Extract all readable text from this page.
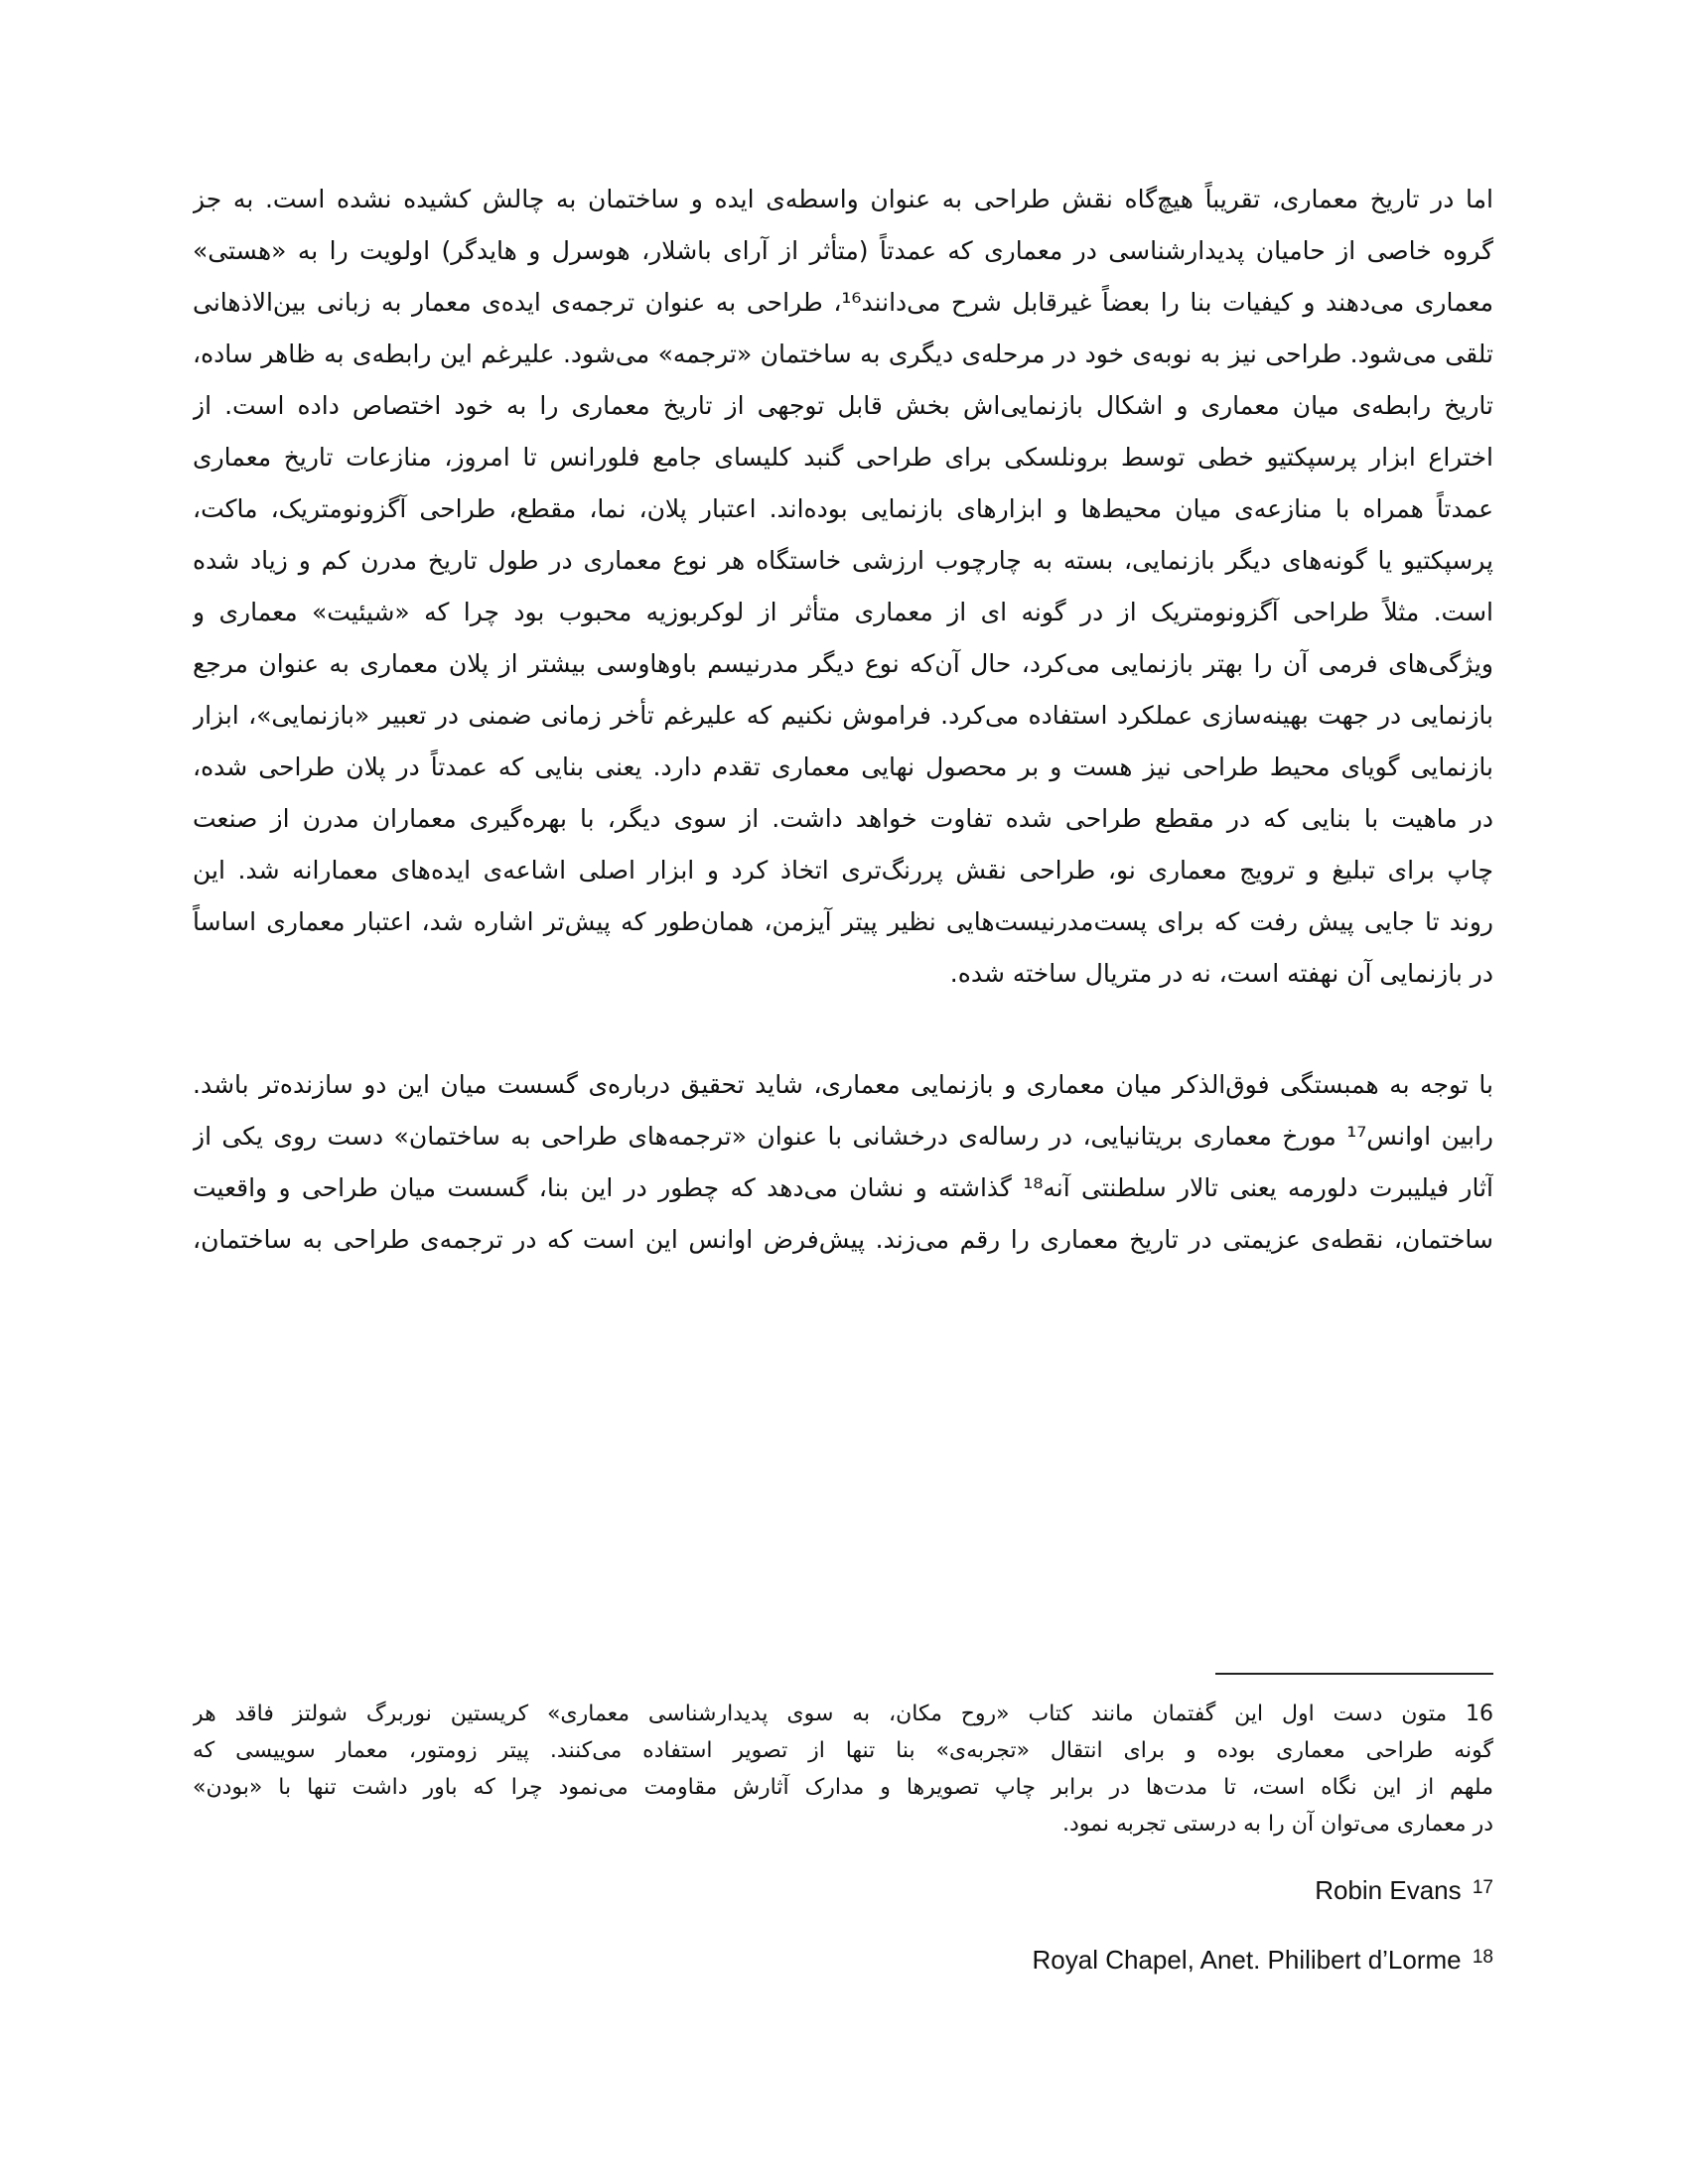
اما در تاریخ معماری، تقریباً هیچ‌گاه نقش طراحی به عنوان واسطه‌ی ایده و ساختمان به چالش کشیده نشده است. به جز
گروه خاصی از حامیان پدیدارشناسی در معماری که عمدتاً (متأثر از آرای باشلار، هوسرل و هایدگر) اولویت را به «هستی»
معماری می‌دهند و کیفیات بنا را بعضاً غیرقابل شرح می‌دانند¹⁶، طراحی به عنوان ترجمه‌ی ایده‌ی معمار به زبانی بین‌الاذهانی
تلقی می‌شود. طراحی نیز به نوبه‌ی خود در مرحله‌ی دیگری به ساختمان «ترجمه» می‌شود. علیرغم این رابطه‌ی به ظاهر ساده،
تاریخ رابطه‌ی میان معماری و اشکال بازنمایی‌اش بخش قابل توجهی از تاریخ معماری را به خود اختصاص داده است. از
اختراع ابزار پرسپکتیو خطی توسط برونلسکی برای طراحی گنبد کلیسای جامع فلورانس تا امروز، منازعات تاریخ معماری
عمدتاً همراه با منازعه‌ی میان محیط‌ها و ابزارهای بازنمایی بوده‌اند. اعتبار پلان، نما، مقطع، طراحی آگزونومتریک، ماکت،
پرسپکتیو یا گونه‌های دیگر بازنمایی، بسته به چارچوب ارزشی خاستگاه هر نوع معماری در طول تاریخ مدرن کم و زیاد شده
است. مثلاً طراحی آگزونومتریک از در گونه ای از معماری متأثر از لوکربوزیه محبوب بود چرا که «شیئیت» معماری و
ویژگی‌های فرمی آن را بهتر بازنمایی می‌کرد، حال آن‌که نوع دیگر مدرنیسم باوهاوسی بیشتر از پلان معماری به عنوان مرجع
بازنمایی در جهت بهینه‌سازی عملکرد استفاده می‌کرد. فراموش نکنیم که علیرغم تأخر زمانی ضمنی در تعبیر «بازنمایی»، ابزار
بازنمایی گویای محیط طراحی نیز هست و بر محصول نهایی معماری تقدم دارد. یعنی بنایی که عمدتاً در پلان طراحی شده،
در ماهیت با بنایی که در مقطع طراحی شده تفاوت خواهد داشت. از سوی دیگر، با بهره‌گیری معماران مدرن از صنعت
چاپ برای تبلیغ و ترویج معماری نو، طراحی نقش پررنگ‌تری اتخاذ کرد و ابزار اصلی اشاعه‌ی ایده‌های معمارانه شد. این
روند تا جایی پیش رفت که برای پست‌مدرنیست‌هایی نظیر پیتر آیزمن، همان‌طور که پیش‌تر اشاره شد، اعتبار معماری اساساً
در بازنمایی آن نهفته است، نه در متریال ساخته شده.
با توجه به همبستگی فوق‌الذکر میان معماری و بازنمایی معماری، شاید تحقیق درباره‌ی گسست میان این دو سازنده‌تر باشد.
رابین اوانس¹⁷ مورخ معماری بریتانیایی، در رساله‌ی درخشانی با عنوان «ترجمه‌های طراحی به ساختمان» دست روی یکی از
آثار فیلیبرت دلورمه یعنی تالار سلطنتی آنه¹⁸ گذاشته و نشان می‌دهد که چطور در این بنا، گسست میان طراحی و واقعیت
ساختمان، نقطه‌ی عزیمتی در تاریخ معماری را رقم می‌زند. پیش‌فرض اوانس این است که در ترجمه‌ی طراحی به ساختمان،
16 متون دست اول این گفتمان مانند کتاب «روح مکان، به سوی پدیدارشناسی معماری» کریستین نوربرگ شولتز فاقد هر
گونه طراحی معماری بوده و برای انتقال «تجربه‌ی» بنا تنها از تصویر استفاده می‌کنند. پیتر زومتور، معمار سوییسی که
ملهم از این نگاه است، تا مدت‌ها در برابر چاپ تصویرها و مدارک آثارش مقاومت می‌نمود چرا که باور داشت تنها با «بودن»
در معماری می‌توان آن را به درستی تجربه نمود.
Robin Evans $^{17}$
Royal Chapel, Anet. Philibert d’Lorme $^{18}$
